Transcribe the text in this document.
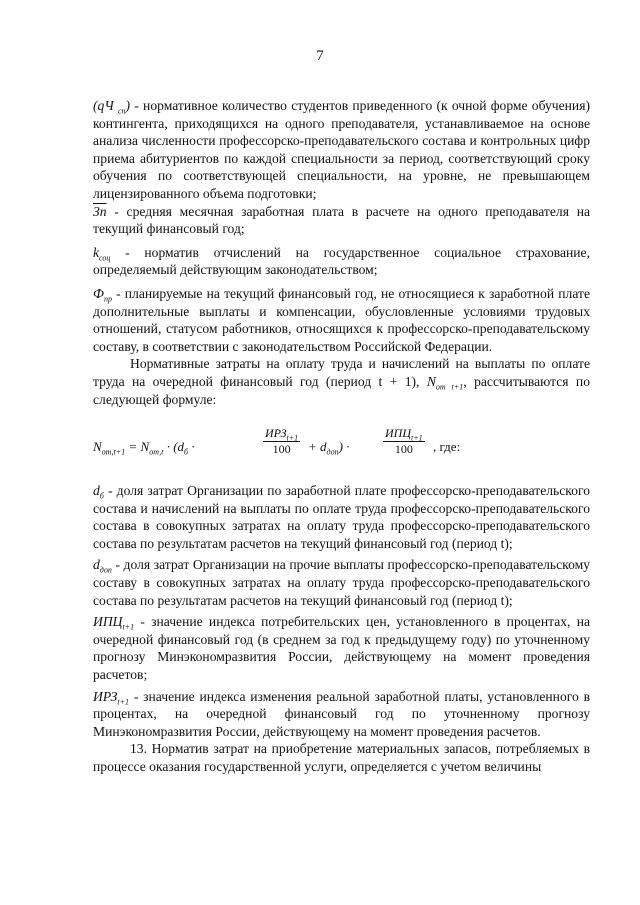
7

(qЧ $_{сп}$) - нормативное количество студентов приведенного (к очной форме обучения) контингента, приходящихся на одного преподавателя, устанавливаемое на основе анализа численности профессорско-преподавательского состава и контрольных цифр приема абитуриентов по каждой специальности за период, соответствующий сроку обучения по соответствующей специальности, на уровне, не превышающем лицензированного объема подготовки;

Зп - средняя месячная заработная плата в расчете на одного преподавателя на текущий финансовый год;

$k_{соц}$ - норматив отчислений на государственное социальное страхование, определяемый действующим законодательством;

$Ф_{пр}$ - планируемые на текущий финансовый год, не относящиеся к заработной плате дополнительные выплаты и компенсации, обусловленные условиями трудовых отношений, статусом работников, относящихся к профессорско-преподавательскому составу, в соответствии с законодательством Российской Федерации.

Нормативные затраты на оплату труда и начислений на выплаты по оплате труда на очередной финансовый год (период t + 1), $N_{от t+1}$, рассчитываются по следующей формуле:

$N_{от,t+1} = N_{от,t} \cdot (d_б$ ·
$ИРЗ_{t+1}$
100	+ $d_{доп}$) ·
$ИПЦ_{t+1}$
100	, где:

$d_б$ - доля затрат Организации по заработной плате профессорско-преподавательского состава и начислений на выплаты по оплате труда профессорско-преподавательского состава в совокупных затратах на оплату труда профессорско-преподавательского состава по результатам расчетов на текущий финансовый год (период t);

$d_{доп}$ - доля затрат Организации на прочие выплаты профессорско-преподавательскому составу в совокупных затратах на оплату труда профессорско-преподавательского состава по результатам расчетов на текущий финансовый год (период t);

$ИПЦ_{t+1}$ - значение индекса потребительских цен, установленного в процентах, на очередной финансовый год (в среднем за год к предыдущему году) по уточненному прогнозу Минэкономразвития России, действующему на момент проведения расчетов;

$ИРЗ_{t+1}$ - значение индекса изменения реальной заработной платы, установленного в процентах, на очередной финансовый год по уточненному прогнозу Минэкономразвития России, действующему на момент проведения расчетов.

13. Норматив затрат на приобретение материальных запасов, потребляемых в процессе оказания государственной услуги, определяется с учетом величины
